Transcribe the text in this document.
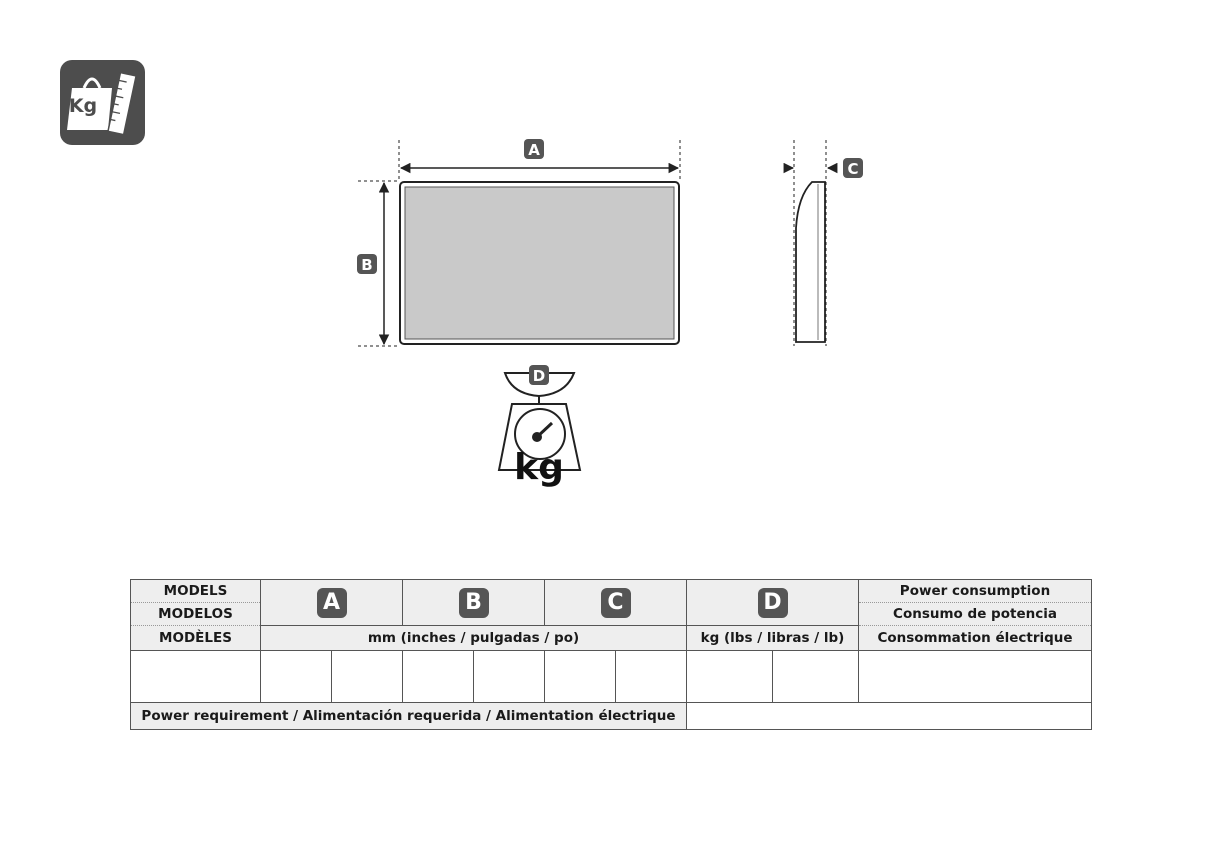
Kg
A
B
C
D
kg
MODELS	A		B		C		D		Power consumption
MODELOS									Consumo de potencia
MODÈLES	mm (inches / pulgadas / po)						kg (lbs / libras / lb)		Consommation électrique

Power requirement / Alimentación requerida / Alimentation électrique									
